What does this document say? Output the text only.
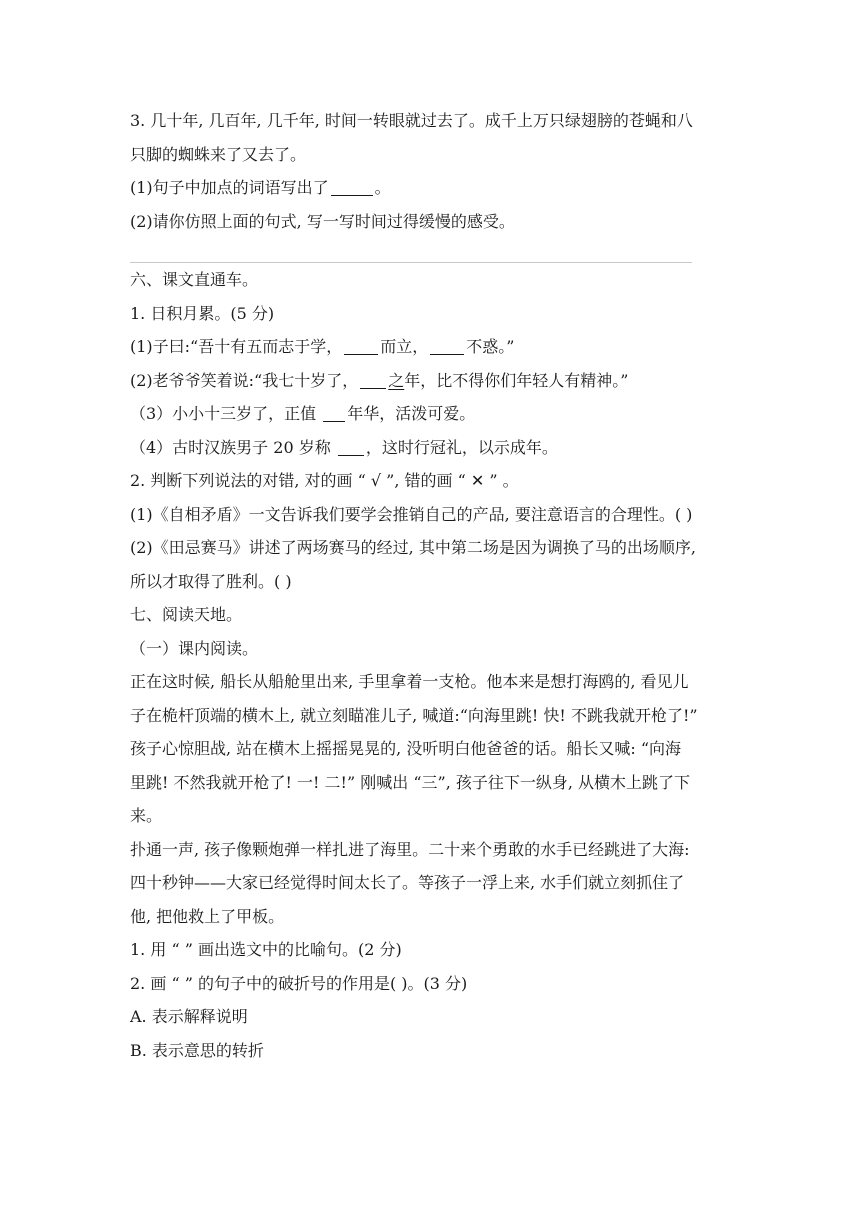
3. 几十年, 几百年, 几千年, 时间一转眼就过去了。成千上万只绿翅膀的苍蝇和八
只脚的蜘蛛来了又去了。
(1)句子中加点的词语写出了	。
(2)请你仿照上面的句式, 写一写时间过得缓慢的感受。
六、课文直通车。
1. 日积月累。(5 分)
(1)子曰:“吾十有五而志于学， 而立， 不惑。”
(2)老爷爷笑着说:“我七十岁了， 之年，比不得你们年轻人有精神。”
（3）小小十三岁了，正值 年华，活泼可爱。
（4）古时汉族男子 20 岁称 ，这时行冠礼，以示成年。
2. 判断下列说法的对错, 对的画 “ √ ”, 错的画 “ ✕ ” 。
(1)《自相矛盾》一文告诉我们要学会推销自己的产品, 要注意语言的合理性。( )
(2)《田忌赛马》讲述了两场赛马的经过, 其中第二场是因为调换了马的出场顺序,
所以才取得了胜利。( )
七、阅读天地。
（一）课内阅读。
正在这时候, 船长从船舱里出来, 手里拿着一支枪。他本来是想打海鸥的, 看见儿
子在桅杆顶端的横木上, 就立刻瞄准儿子, 喊道:“向海里跳! 快! 不跳我就开枪了!”
孩子心惊胆战, 站在横木上摇摇晃晃的, 没听明白他爸爸的话。船长又喊: “向海
里跳! 不然我就开枪了! 一! 二!” 刚喊出 “三”, 孩子往下一纵身, 从横木上跳了下
来。
扑通一声, 孩子像颗炮弹一样扎进了海里。二十来个勇敢的水手已经跳进了大海:
四十秒钟——大家已经觉得时间太长了。等孩子一浮上来, 水手们就立刻抓住了
他, 把他救上了甲板。
1. 用 “ ” 画出选文中的比喻句。(2 分)
2. 画 “ ” 的句子中的破折号的作用是( )。(3 分)
A. 表示解释说明
B. 表示意思的转折
